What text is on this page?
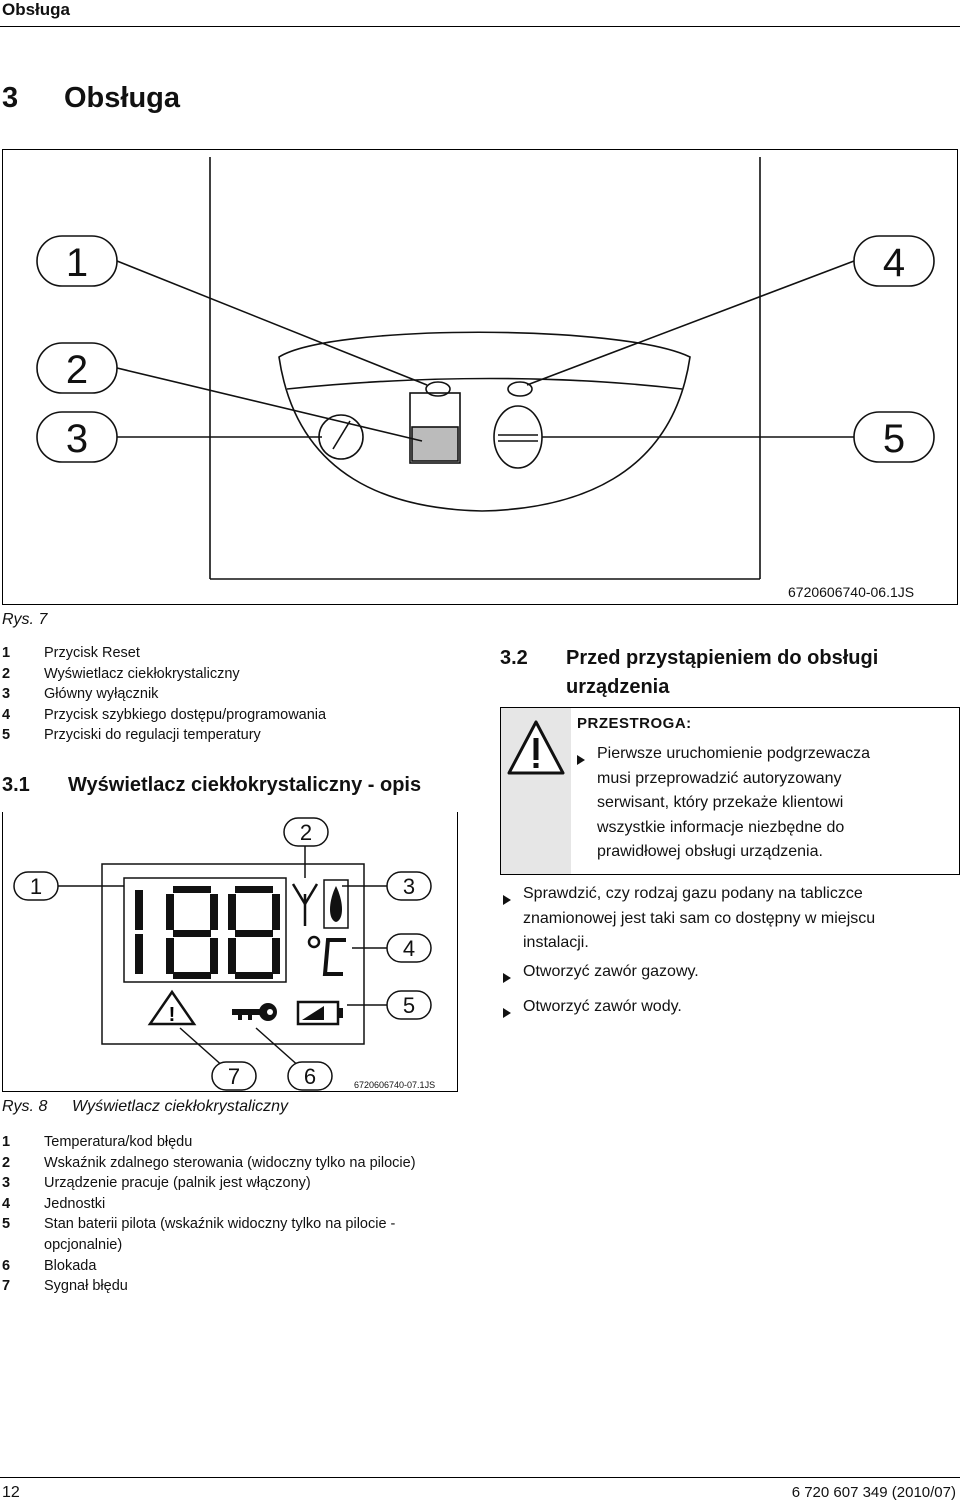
Obsługa
3 Obsługa
1
2
3
4
5
6720606740-06.1JS
Rys. 7
1	Przycisk Reset
2	Wyświetlacz ciekłokrystaliczny
3	Główny wyłącznik
4	Przycisk szybkiego dostępu/programowania
5	Przyciski do regulacji temperatury
3.1	Wyświetlacz ciekłokrystaliczny - opis
!
1
2
3
4
5
6
7	6720606740-07.1JS
Rys. 8 Wyświetlacz ciekłokrystaliczny
1	Temperatura/kod błędu
2	Wskaźnik zdalnego sterowania (widoczny tylko na pilocie)
3	Urządzenie pracuje (palnik jest włączony)
4	Jednostki
5	Stan baterii pilota (wskaźnik widoczny tylko na pilocie -
opcjonalnie)
6	Blokada
7	Sygnał błędu
3.2	Przed przystąpieniem do obsługi
urządzenia
PRZESTROGA:
Pierwsze uruchomienie podgrzewacza
musi przeprowadzić autoryzowany
serwisant, który przekaże klientowi
wszystkie informacje niezbędne do
prawidłowej obsługi urządzenia.
Sprawdzić, czy rodzaj gazu podany na tabliczce
znamionowej jest taki sam co dostępny w miejscu
instalacji.
Otworzyć zawór gazowy.
Otworzyć zawór wody.
12	6 720 607 349 (2010/07)
